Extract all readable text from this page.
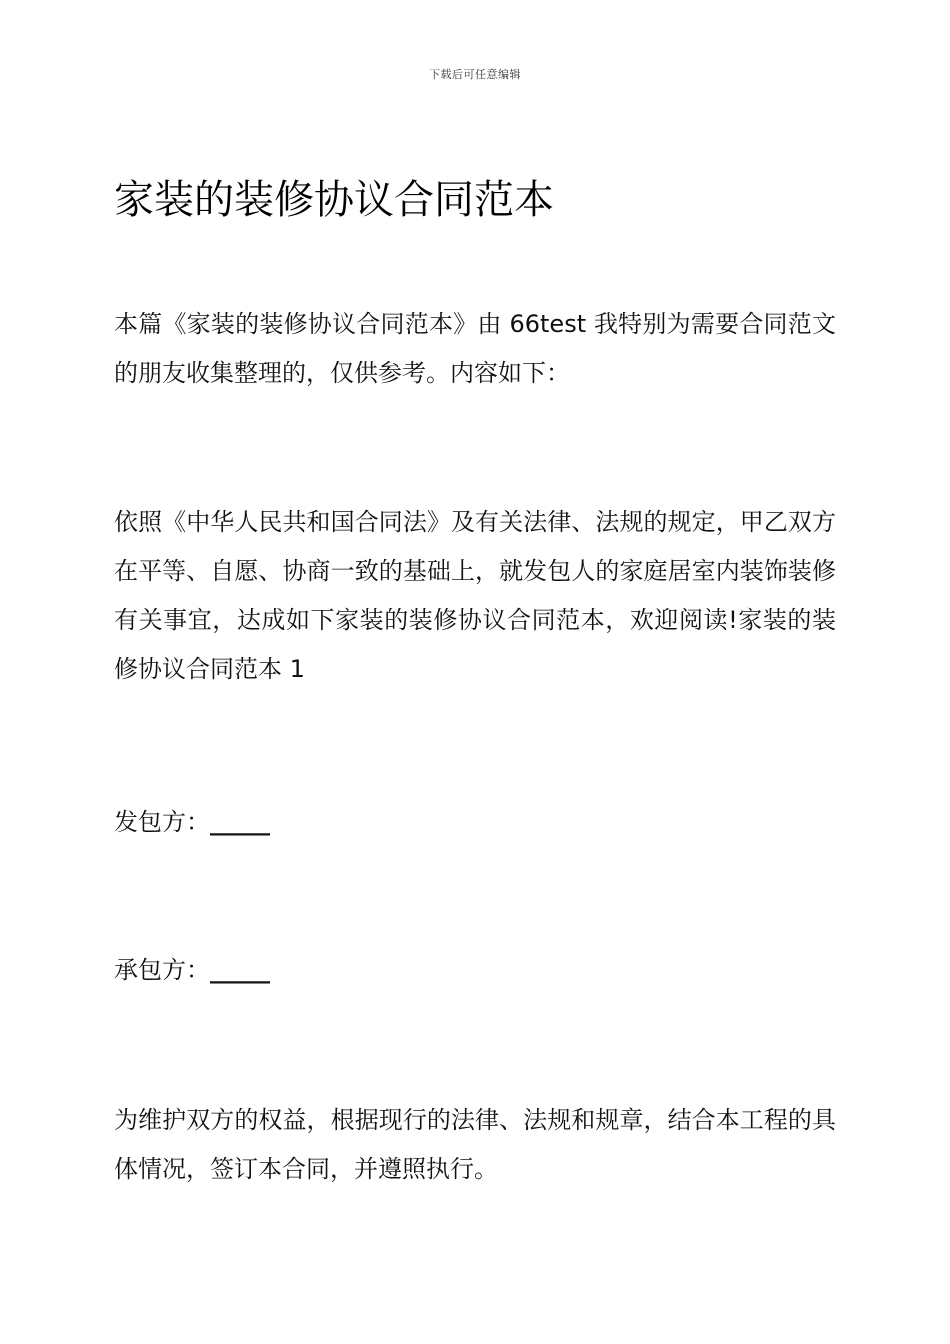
下载后可任意编辑
家装的装修协议合同范本

本篇《家装的装修协议合同范本》由 66test 我特别为需要合同范文的朋友收集整理的，仅供参考。内容如下：

依照《中华人民共和国合同法》及有关法律、法规的规定，甲乙双方在平等、自愿、协商一致的基础上，就发包人的家庭居室内装饰装修有关事宜，达成如下家装的装修协议合同范本，欢迎阅读!家装的装修协议合同范本 1

发包方：_____

承包方：_____

为维护双方的权益，根据现行的法律、法规和规章，结合本工程的具体情况，签订本合同，并遵照执行。
